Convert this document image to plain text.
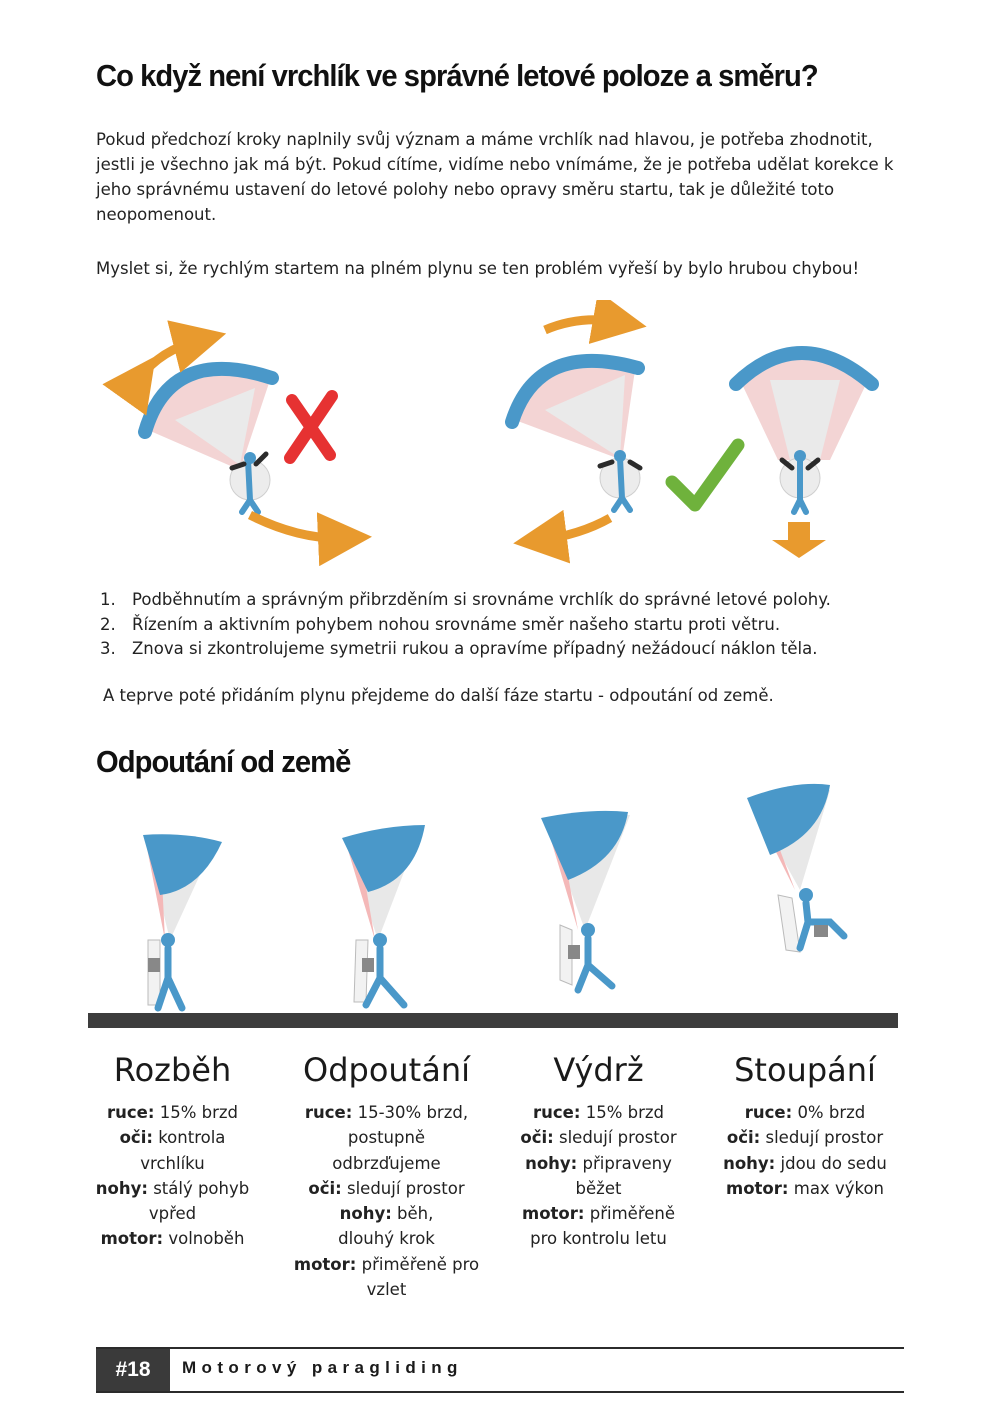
Co když není vrchlík ve správné letové poloze a směru?

Pokud předchozí kroky naplnily svůj význam a máme vrchlík nad hlavou, je potřeba zhodnotit, jestli je všechno jak má být. Pokud cítíme, vidíme nebo vnímáme, že je potřeba udělat korekce k jeho správnému ustavení do letové polohy nebo opravy směru startu, tak je důležité toto neopomenout.

Myslet si, že rychlým startem na plném plynu se ten problém vyřeší by bylo hrubou chybou!

1. Podběhnutím a správným přibrzděním si srovnáme vrchlík do správné letové polohy.
2. Řízením a aktivním pohybem nohou srovnáme směr našeho startu proti větru.
3. Znova si zkontrolujeme symetrii rukou a opravíme případný nežádoucí náklon těla.
A teprve poté přidáním plynu přejdeme do další fáze startu - odpoutání od země.
Odpoutání od země
Rozběh
ruce: 15% brzd
oči: kontrola vrchlíku
nohy: stálý pohyb vpřed
motor: volnoběh
Odpoutání
ruce: 15-30% brzd, postupně odbrzďujeme
oči: sledují prostor
nohy: běh, dlouhý krok
motor: přiměřeně pro vzlet
Výdrž
ruce: 15% brzd
oči: sledují prostor
nohy: připraveny běžet
motor: přiměřeně pro kontrolu letu
Stoupání
ruce: 0% brzd
oči: sledují prostor
nohy: jdou do sedu
motor: max výkon
#18	Motorový paragliding
